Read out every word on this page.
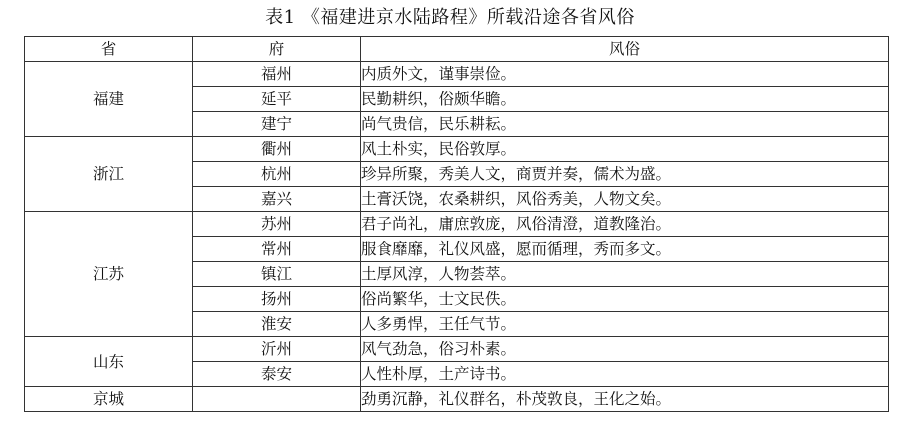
表1 《福建进京水陆路程》所载沿途各省风俗
省	府	风俗
福建	福州	内质外文，谨事崇俭。
	延平	民勤耕织，俗颇华瞻。
	建宁	尚气贵信，民乐耕耘。
浙江	衢州	风土朴实，民俗敦厚。
	杭州	珍异所聚，秀美人文，商贾并奏，儒术为盛。
	嘉兴	土膏沃饶，农桑耕织，风俗秀美，人物文矣。
江苏	苏州	君子尚礼，庸庶敦庞，风俗清澄，道教隆治。
	常州	服食靡靡，礼仪风盛，愿而循理，秀而多文。
	镇江	土厚风淳，人物荟萃。
	扬州	俗尚繁华，士文民佚。
	淮安	人多勇悍，王任气节。
山东	沂州	风气劲急，俗习朴素。
	泰安	人性朴厚，土产诗书。
京城		劲勇沉静，礼仪群名，朴茂敦良，王化之始。
